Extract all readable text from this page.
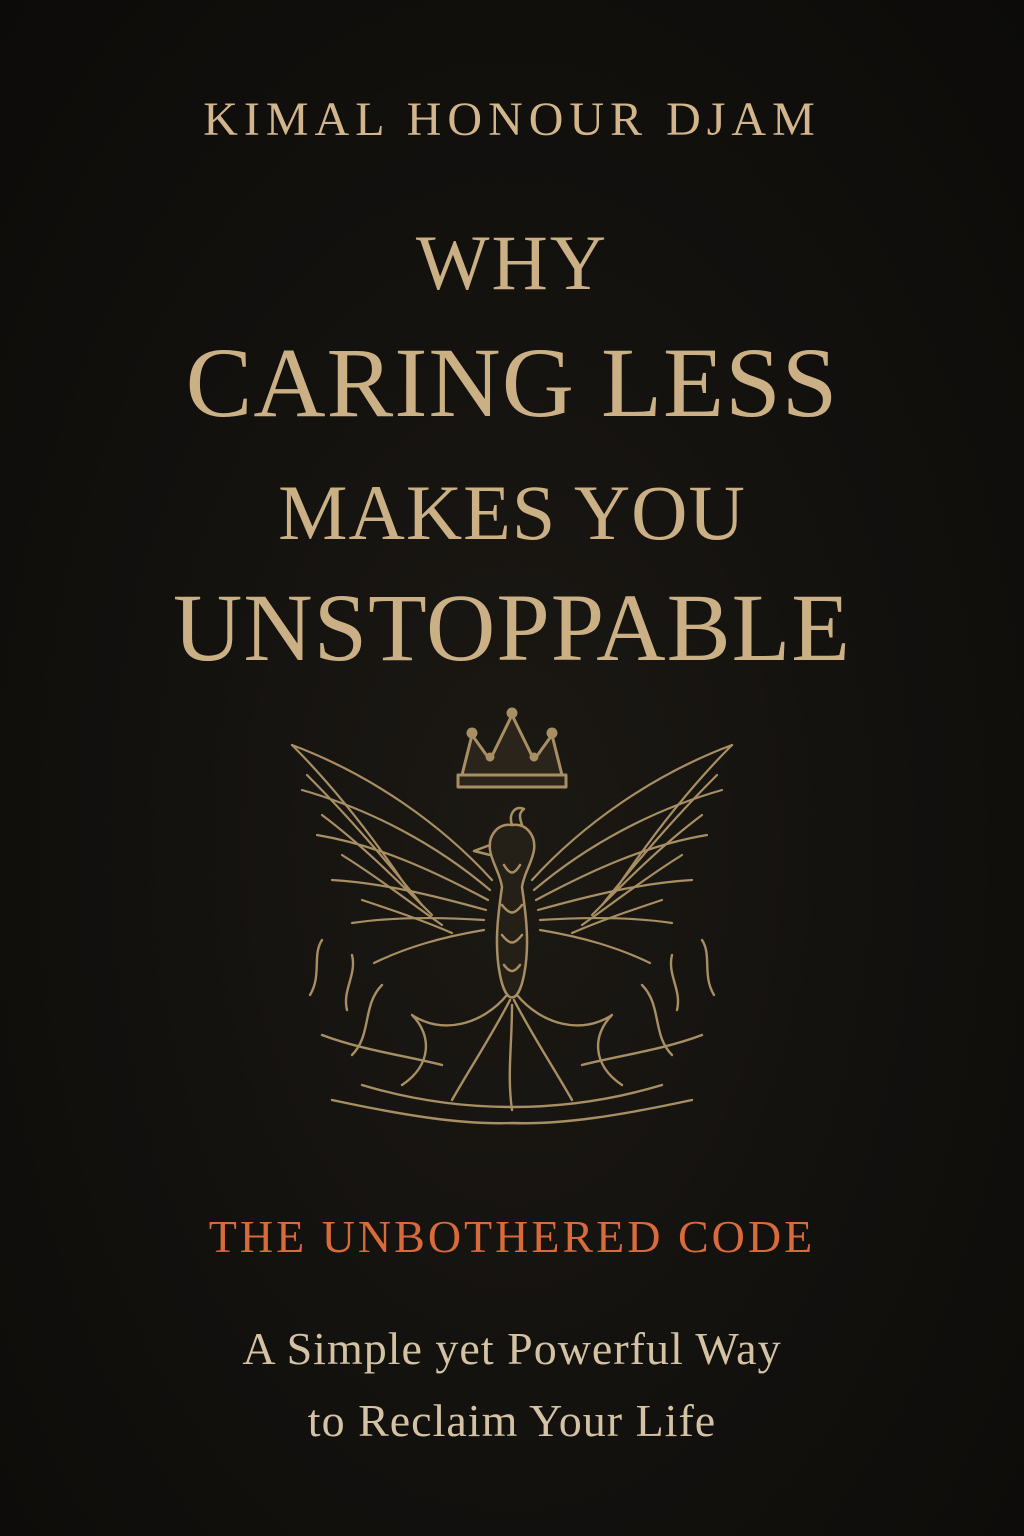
KIMAL HONOUR DJAM
WHY
CARING LESS
MAKES YOU
UNSTOPPABLE
THE UNBOTHERED CODE
A Simple yet Powerful Way
to Reclaim Your Life
